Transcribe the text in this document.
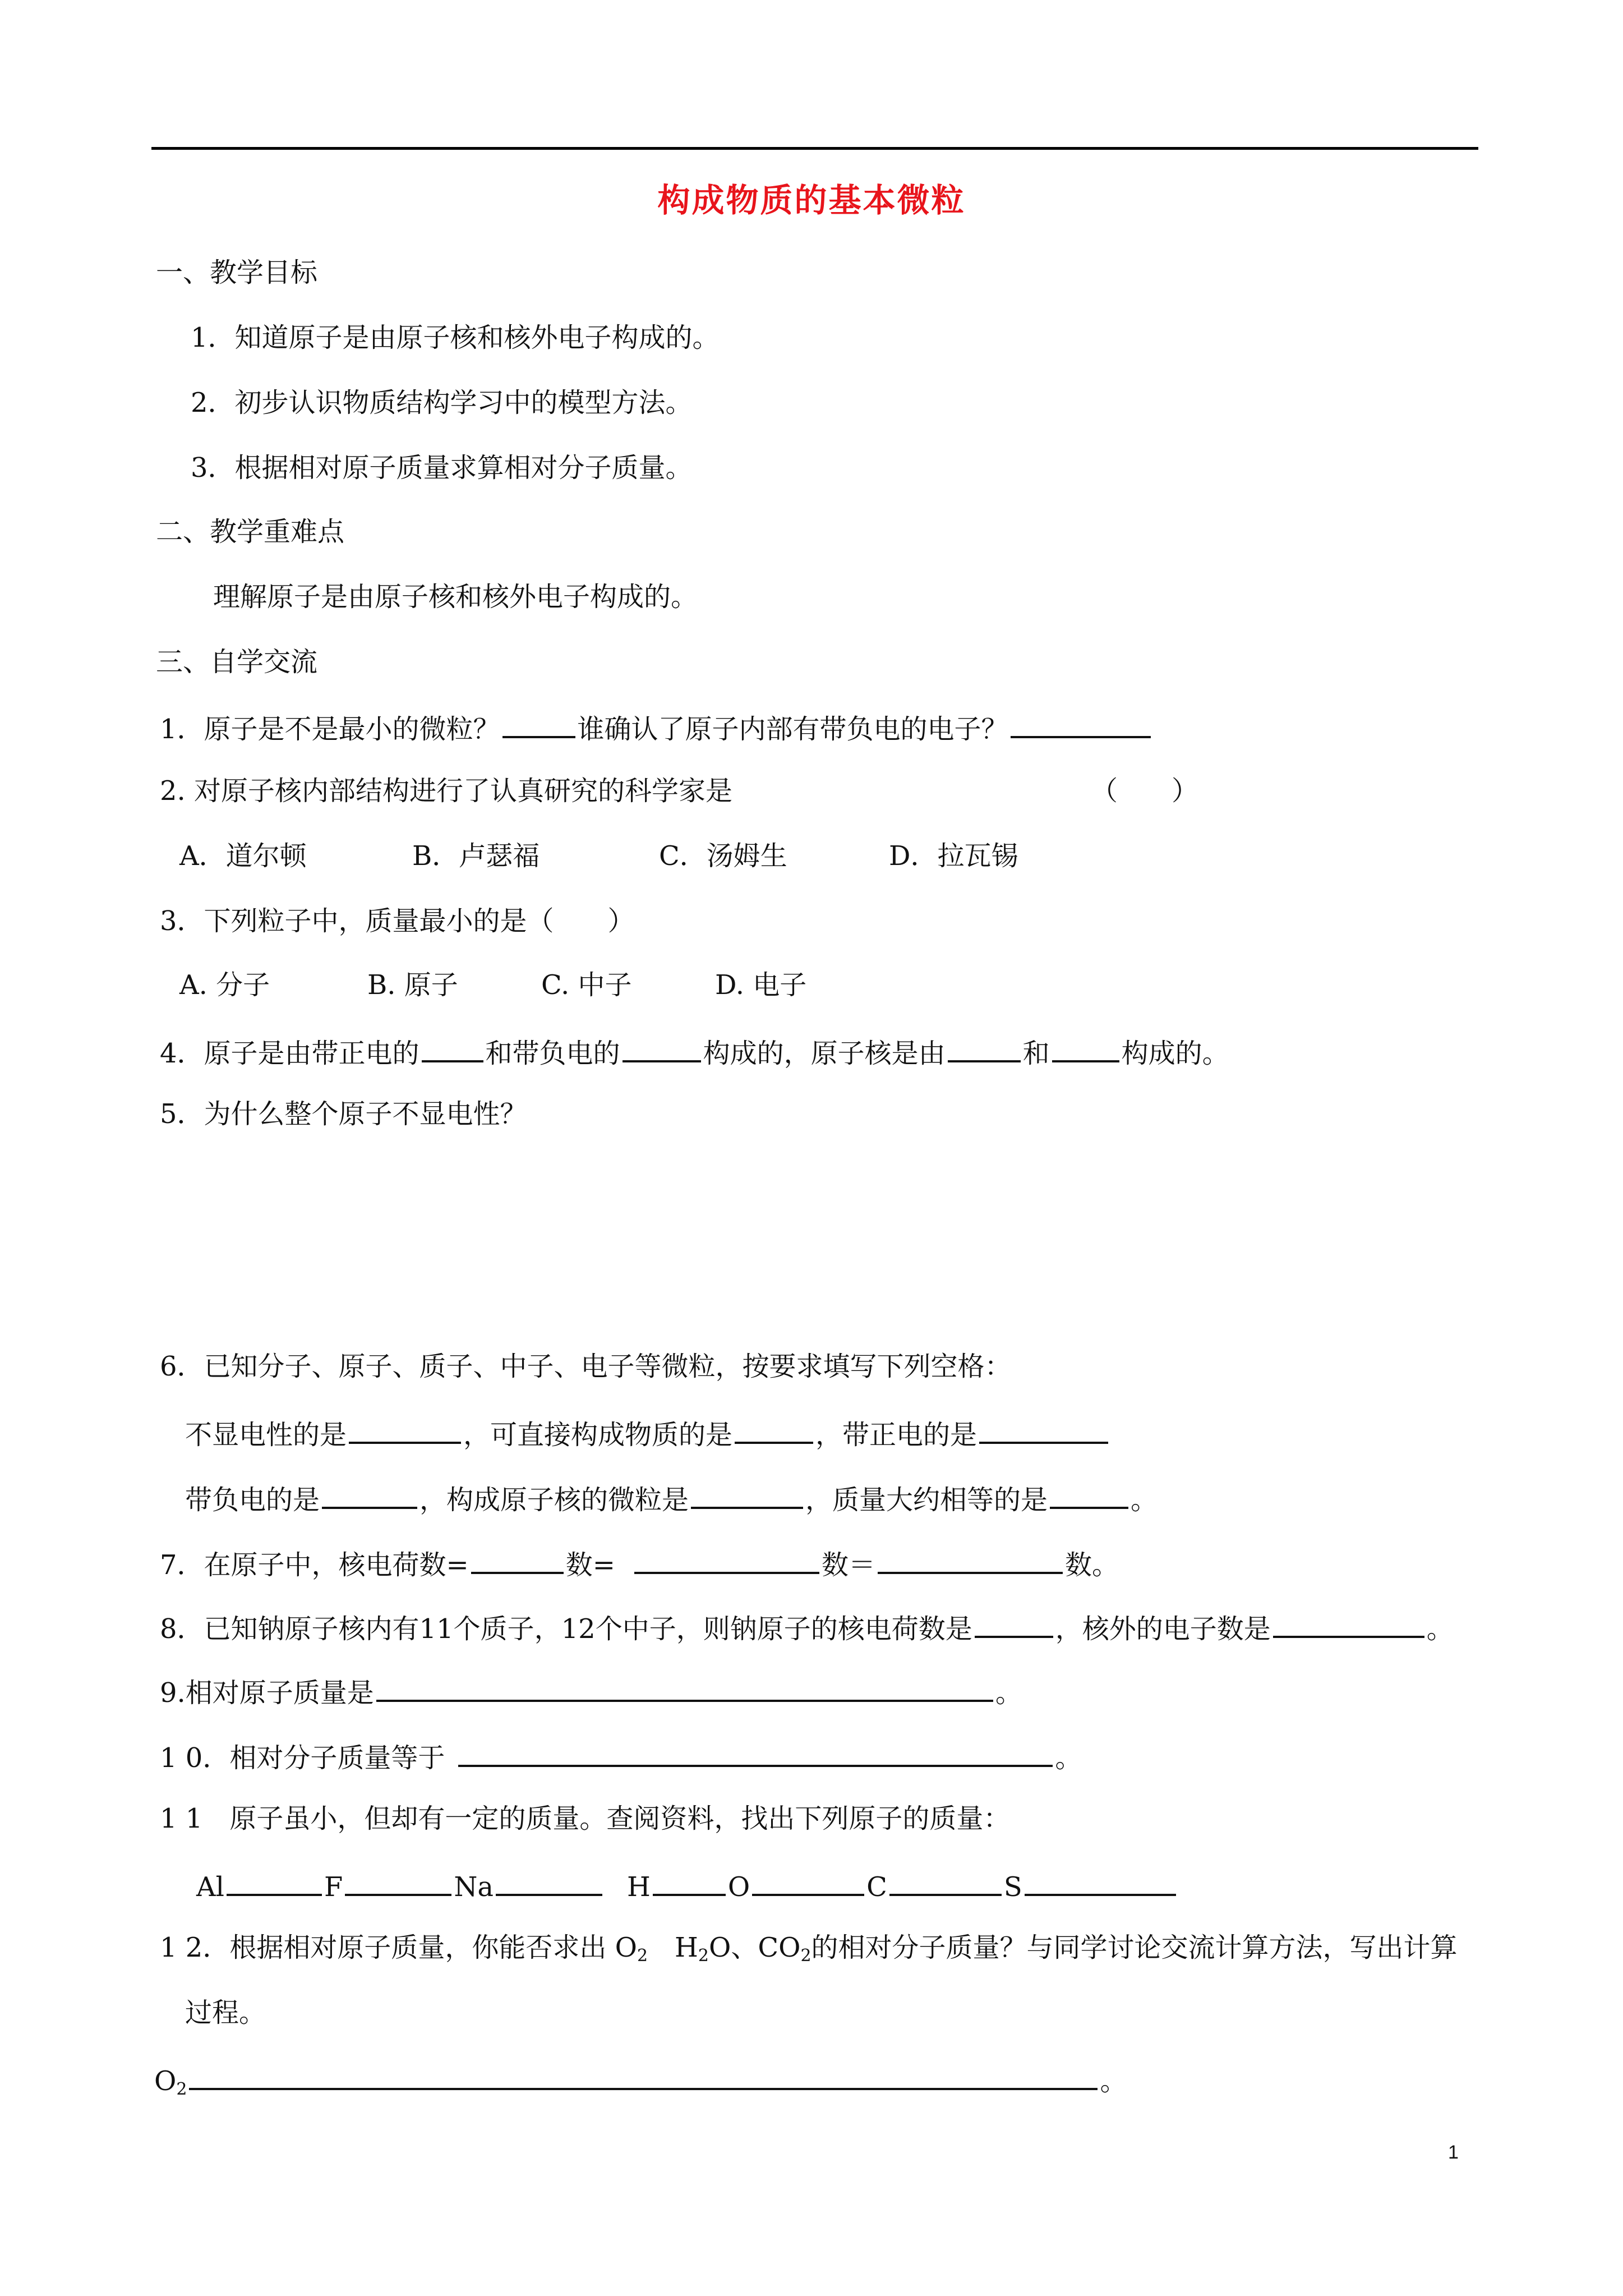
构成物质的基本微粒
一、教学目标
1．知道原子是由原子核和核外电子构成的。
2．初步认识物质结构学习中的模型方法。
3．根据相对原子质量求算相对分子质量。
二、教学重难点
理解原子是由原子核和核外电子构成的。
三、自学交流
1．原子是不是最小的微粒？	谁确认了原子内部有带负电的电子？
2. 对原子核内部结构进行了认真研究的科学家是	（　　）
A．道尔顿	B．卢瑟福	C．汤姆生	D．拉瓦锡
3．下列粒子中，质量最小的是（　　）
A. 分子	B. 原子	C. 中子	D. 电子
4．原子是由带正电的 和带负电的	构成的，原子核是由	和	构成的。
5．为什么整个原子不显电性？
6．已知分子、原子、质子、中子、电子等微粒，按要求填写下列空格：
不显电性的是	，可直接构成物质的是	，带正电的是
带负电的是	，构成原子核的微粒是	，质量大约相等的是	。
7．在原子中，核电荷数=	数=	数＝	数。
8．已知钠原子核内有11个质子，12个中子，则钠原子的核电荷数是	，核外的电子数是	。
9.相对原子质量是	。
1 0．相对分子质量等于	。
1 1　原子虽小，但却有一定的质量。查阅资料，找出下列原子的质量：
Al	F	Na	H	O	C	S
1 2．根据相对原子质量，你能否求出 $O_2$　$H_2O$、$CO_2$的相对分子质量？与同学讨论交流计算方法，写出计算
过程。
$O_2$	。
1
